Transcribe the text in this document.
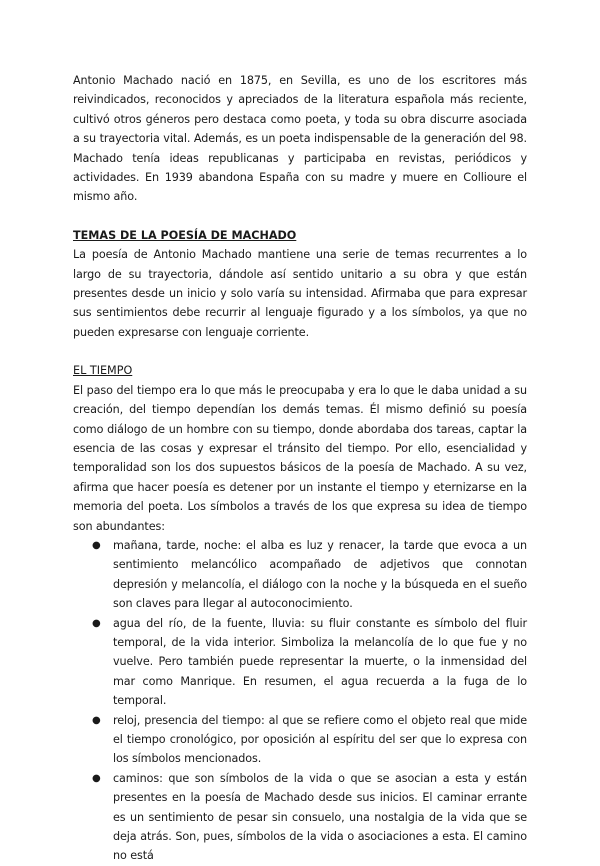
Antonio Machado nació en 1875, en Sevilla, es uno de los escritores más reivindicados, reconocidos y apreciados de la literatura española más reciente, cultivó otros géneros pero destaca como poeta, y toda su obra discurre asociada a su trayectoria vital. Además, es un poeta indispensable de la generación del 98. Machado tenía ideas republicanas y participaba en revistas, periódicos y actividades. En 1939 abandona España con su madre y muere en Collioure el mismo año.

TEMAS DE LA POESÍA DE MACHADO

La poesía de Antonio Machado mantiene una serie de temas recurrentes a lo largo de su trayectoria, dándole así sentido unitario a su obra y que están presentes desde un inicio y solo varía su intensidad. Afirmaba que para expresar sus sentimientos debe recurrir al lenguaje figurado y a los símbolos, ya que no pueden expresarse con lenguaje corriente.

EL TIEMPO

El paso del tiempo era lo que más le preocupaba y era lo que le daba unidad a su creación, del tiempo dependían los demás temas. Él mismo definió su poesía como diálogo de un hombre con su tiempo, donde abordaba dos tareas, captar la esencia de las cosas y expresar el tránsito del tiempo. Por ello, esencialidad y temporalidad son los dos supuestos básicos de la poesía de Machado. A su vez, afirma que hacer poesía es detener por un instante el tiempo y eternizarse en la memoria del poeta. Los símbolos a través de los que expresa su idea de tiempo son abundantes:

● mañana, tarde, noche: el alba es luz y renacer, la tarde que evoca a un sentimiento melancólico acompañado de adjetivos que connotan depresión y melancolía, el diálogo con la noche y la búsqueda en el sueño son claves para llegar al autoconocimiento.
● agua del río, de la fuente, lluvia: su fluir constante es símbolo del fluir temporal, de la vida interior. Simboliza la melancolía de lo que fue y no vuelve. Pero también puede representar la muerte, o la inmensidad del mar como Manrique. En resumen, el agua recuerda a la fuga de lo temporal.
● reloj, presencia del tiempo: al que se refiere como el objeto real que mide el tiempo cronológico, por oposición al espíritu del ser que lo expresa con los símbolos mencionados.
● caminos: que son símbolos de la vida o que se asocian a esta y están presentes en la poesía de Machado desde sus inicios. El caminar errante es un sentimiento de pesar sin consuelo, una nostalgia de la vida que se deja atrás. Son, pues, símbolos de la vida o asociaciones a esta. El camino no está
